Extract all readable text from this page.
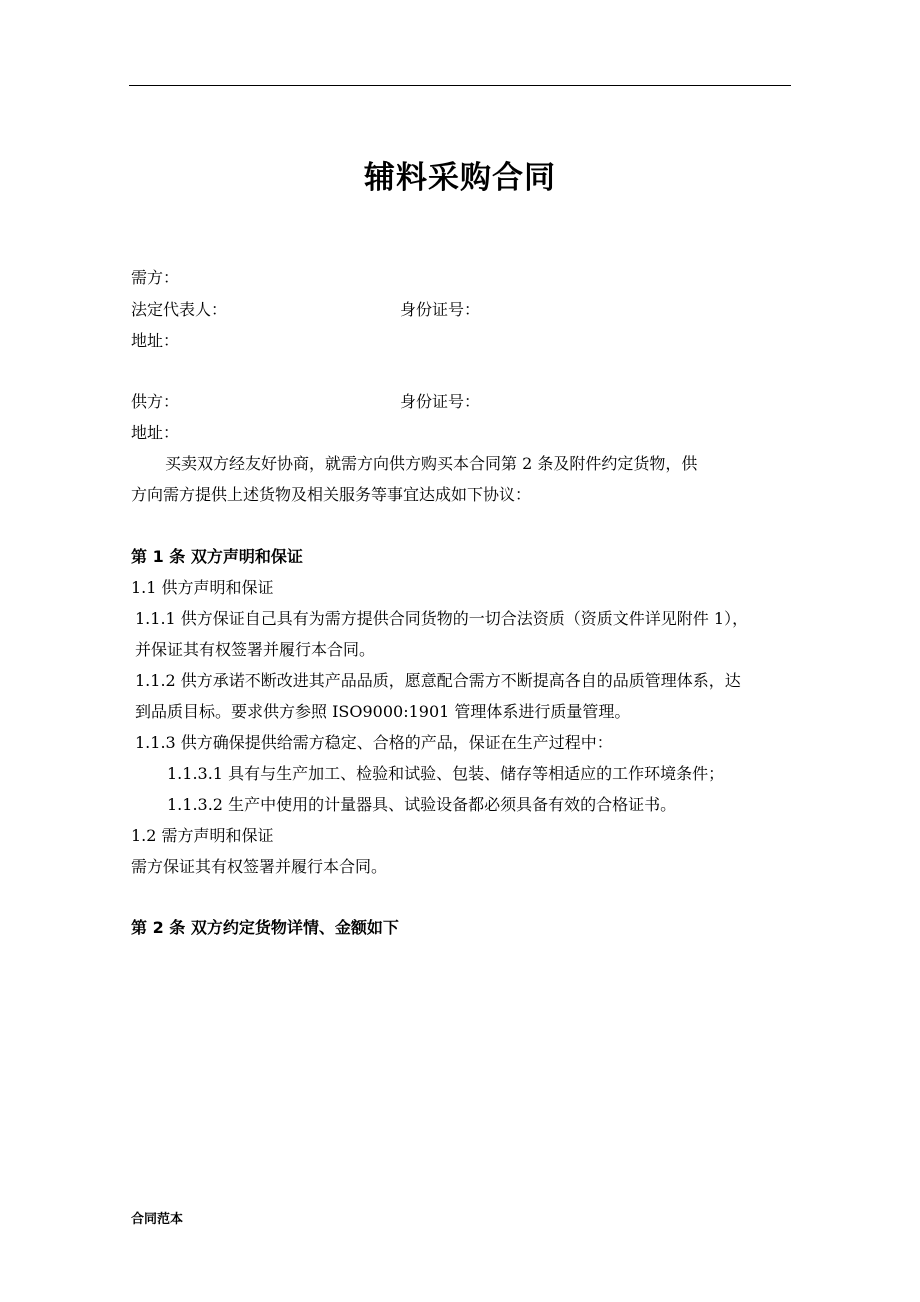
辅料采购合同
需方：
法定代表人：	身份证号：
地址：
供方：	身份证号：
地址：
买卖双方经友好协商，就需方向供方购买本合同第 2 条及附件约定货物，供
方向需方提供上述货物及相关服务等事宜达成如下协议：
第 1 条 双方声明和保证
1.1 供方声明和保证
1.1.1 供方保证自己具有为需方提供合同货物的一切合法资质（资质文件详见附件 1），
并保证其有权签署并履行本合同。
1.1.2 供方承诺不断改进其产品品质，愿意配合需方不断提高各自的品质管理体系，达
到品质目标。要求供方参照 ISO9000:1901 管理体系进行质量管理。
1.1.3 供方确保提供给需方稳定、合格的产品，保证在生产过程中：
1.1.3.1 具有与生产加工、检验和试验、包装、储存等相适应的工作环境条件；
1.1.3.2 生产中使用的计量器具、试验设备都必须具备有效的合格证书。
1.2 需方声明和保证
需方保证其有权签署并履行本合同。
第 2 条 双方约定货物详情、金额如下
合同范本
